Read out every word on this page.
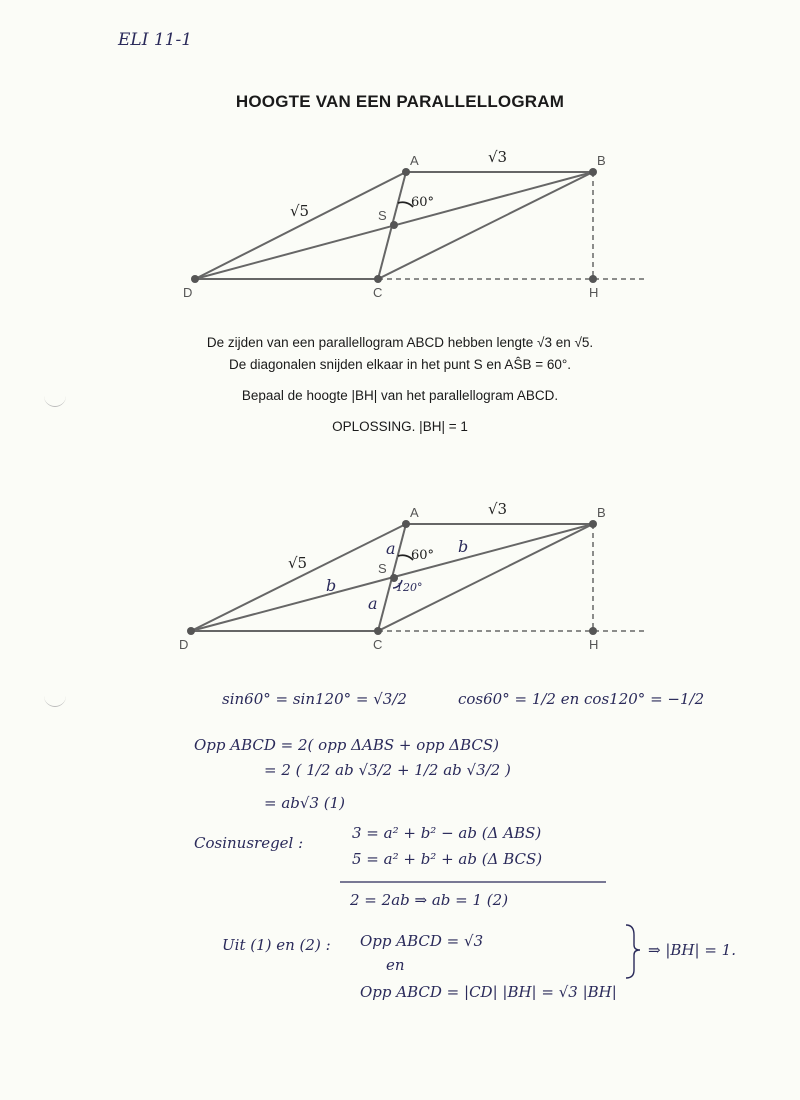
ELI 11-1
HOOGTE VAN EEN PARALLELLOGRAM
A	B
C
D
S
H
√3
√5	60°
De zijden van een parallellogram ABCD hebben lengte √3 en √5.
De diagonalen snijden elkaar in het punt S en AŜB = 60°.
Bepaal de hoogte |BH| van het parallellogram ABCD.
OPLOSSING. |BH| = 1
A	B
C
D
S
H
√3
√5	60°
120°
a
a
b
b
sin60° = sin120° = √3/2	cos60° = 1/2 en cos120° = −1/2
Opp ABCD = 2( opp ΔABS + opp ΔBCS)
= 2 ( 1/2 ab √3/2 + 1/2 ab √3/2 )
= ab√3 (1)
Cosinusregel :
3 = a² + b² − ab (Δ ABS)
5 = a² + b² + ab (Δ BCS)
2 = 2ab ⇒ ab = 1 (2)
Uit (1) en (2) : Opp ABCD = √3
en
Opp ABCD = |CD| |BH| = √3 |BH|
⇒ |BH| = 1.
